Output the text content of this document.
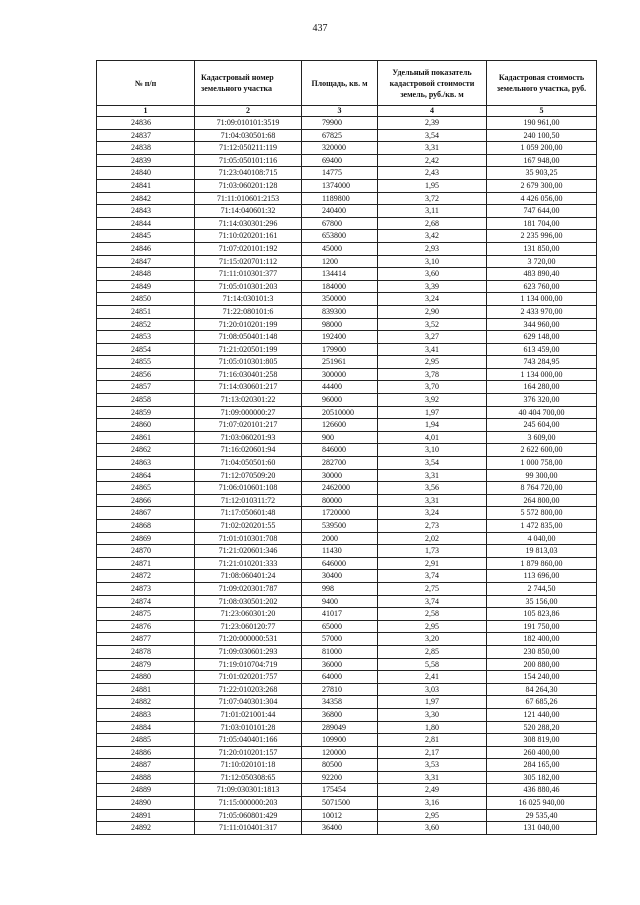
437
№ п/п	Кадастровый номер земельного участка	Площадь, кв. м	Удельный показатель кадастровой стоимости земель, руб./кв. м	Кадастровая стоимость земельного участка, руб.
1	2	3	4	5
24836	71:09:010101:3519	79900	2,39	190 961,00
24837	71:04:030501:68	67825	3,54	240 100,50
24838	71:12:050211:119	320000	3,31	1 059 200,00
24839	71:05:050101:116	69400	2,42	167 948,00
24840	71:23:040108:715	14775	2,43	35 903,25
24841	71:03:060201:128	1374000	1,95	2 679 300,00
24842	71:11:010601:2153	1189800	3,72	4 426 056,00
24843	71:14:040601:32	240400	3,11	747 644,00
24844	71:14:030301:296	67800	2,68	181 704,00
24845	71:10:020201:161	653800	3,42	2 235 996,00
24846	71:07:020101:192	45000	2,93	131 850,00
24847	71:15:020701:112	1200	3,10	3 720,00
24848	71:11:010301:377	134414	3,60	483 890,40
24849	71:05:010301:203	184000	3,39	623 760,00
24850	71:14:030101:3	350000	3,24	1 134 000,00
24851	71:22:080101:6	839300	2,90	2 433 970,00
24852	71:20:010201:199	98000	3,52	344 960,00
24853	71:08:050401:148	192400	3,27	629 148,00
24854	71:21:020501:199	179900	3,41	613 459,00
24855	71:05:010301:805	251961	2,95	743 284,95
24856	71:16:030401:258	300000	3,78	1 134 000,00
24857	71:14:030601:217	44400	3,70	164 280,00
24858	71:13:020301:22	96000	3,92	376 320,00
24859	71:09:000000:27	20510000	1,97	40 404 700,00
24860	71:07:020101:217	126600	1,94	245 604,00
24861	71:03:060201:93	900	4,01	3 609,00
24862	71:16:020601:94	846000	3,10	2 622 600,00
24863	71:04:050501:60	282700	3,54	1 000 758,00
24864	71:12:070509:20	30000	3,31	99 300,00
24865	71:06:010601:108	2462000	3,56	8 764 720,00
24866	71:12:010311:72	80000	3,31	264 800,00
24867	71:17:050601:48	1720000	3,24	5 572 800,00
24868	71:02:020201:55	539500	2,73	1 472 835,00
24869	71:01:010301:708	2000	2,02	4 040,00
24870	71:21:020601:346	11430	1,73	19 813,03
24871	71:21:010201:333	646000	2,91	1 879 860,00
24872	71:08:060401:24	30400	3,74	113 696,00
24873	71:09:020301:787	998	2,75	2 744,50
24874	71:08:030501:202	9400	3,74	35 156,00
24875	71:23:060301:20	41017	2,58	105 823,86
24876	71:23:060120:77	65000	2,95	191 750,00
24877	71:20:000000:531	57000	3,20	182 400,00
24878	71:09:030601:293	81000	2,85	230 850,00
24879	71:19:010704:719	36000	5,58	200 880,00
24880	71:01:020201:757	64000	2,41	154 240,00
24881	71:22:010203:268	27810	3,03	84 264,30
24882	71:07:040301:304	34358	1,97	67 685,26
24883	71:01:021001:44	36800	3,30	121 440,00
24884	71:03:010101:28	289049	1,80	520 288,20
24885	71:05:040401:166	109900	2,81	308 819,00
24886	71:20:010201:157	120000	2,17	260 400,00
24887	71:10:020101:18	80500	3,53	284 165,00
24888	71:12:050308:65	92200	3,31	305 182,00
24889	71:09:030301:1813	175454	2,49	436 880,46
24890	71:15:000000:203	5071500	3,16	16 025 940,00
24891	71:05:060801:429	10012	2,95	29 535,40
24892	71:11:010401:317	36400	3,60	131 040,00
